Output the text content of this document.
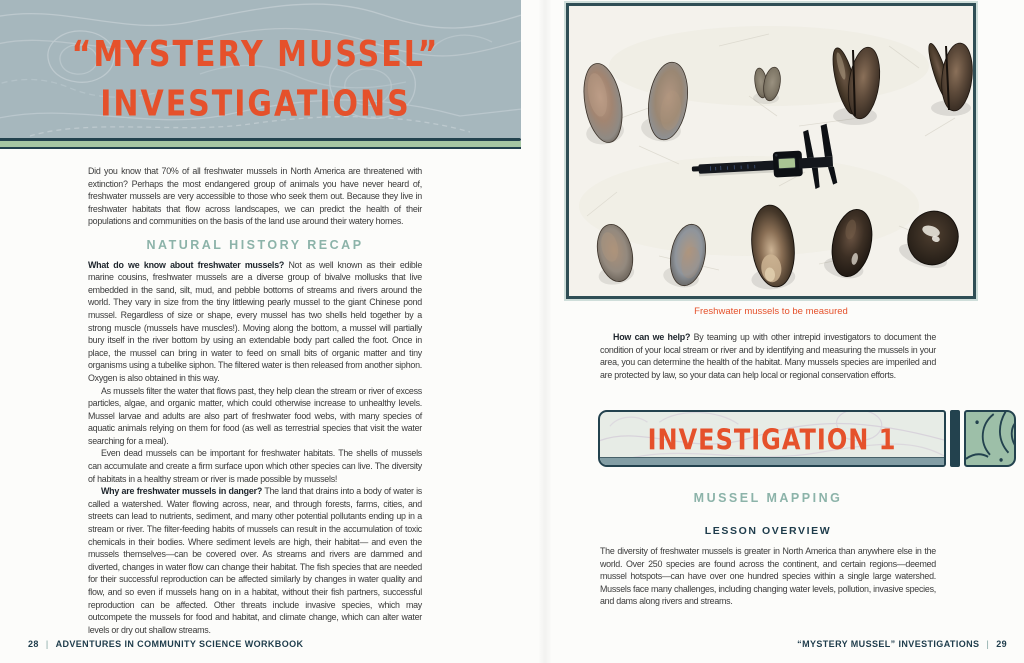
“MYSTERY MUSSEL”
INVESTIGATIONS

Did you know that 70% of all freshwater mussels in North America are threatened with extinction? Perhaps the most endangered group of animals you have never heard of, freshwater mussels are very accessible to those who seek them out. Because they live in freshwater habitats that flow across landscapes, we can predict the health of their populations and communities on the basis of the land use around their watery homes.

NATURAL HISTORY RECAP

What do we know about freshwater mussels? Not as well known as their edible marine cousins, freshwater mussels are a diverse group of bivalve mollusks that live embedded in the sand, silt, mud, and pebble bottoms of streams and rivers around the world. They vary in size from the tiny littlewing pearly mussel to the giant Chinese pond mussel. Regardless of size or shape, every mussel has two shells held together by a strong muscle (mussels have muscles!). Moving along the bottom, a mussel will partially bury itself in the river bottom by using an extendable body part called the foot. Once in place, the mussel can bring in water to feed on small bits of organic matter and tiny organisms using a tubelike siphon. The filtered water is then released from another siphon. Oxygen is also obtained in this way.

As mussels filter the water that flows past, they help clean the stream or river of excess particles, algae, and organic matter, which could otherwise increase to unhealthy levels. Mussel larvae and adults are also part of freshwater food webs, with many species of aquatic animals relying on them for food (as well as terrestrial species that visit the water searching for a meal).

Even dead mussels can be important for freshwater habitats. The shells of mussels can accumulate and create a firm surface upon which other species can live. The diversity of habitats in a healthy stream or river is made possible by mussels!

Why are freshwater mussels in danger? The land that drains into a body of water is called a watershed. Water flowing across, near, and through forests, farms, cities, and streets can lead to nutrients, sediment, and many other potential pollutants ending up in a stream or river. The filter-feeding habits of mussels can result in the accumulation of toxic chemicals in their bodies. Where sediment levels are high, their habitat— and even the mussels themselves—can be covered over. As streams and rivers are dammed and diverted, changes in water flow can change their habitat. The fish species that are needed for their successful reproduction can be affected similarly by changes in water quality and flow, and so even if mussels hang on in a habitat, without their fish partners, successful reproduction can be affected. Other threats include invasive species, which may outcompete the mussels for food and habitat, and climate change, which can alter water levels or dry out shallow streams.

28 | ADVENTURES IN COMMUNITY SCIENCE WORKBOOK
Freshwater mussels to be measured

How can we help? By teaming up with other intrepid investigators to document the condition of your local stream or river and by identifying and measuring the mussels in your area, you can determine the health of the habitat. Many mussels species are imperiled and are protected by law, so your data can help local or regional conservation efforts.

INVESTIGATION 1
MUSSEL MAPPING
LESSON OVERVIEW

The diversity of freshwater mussels is greater in North America than anywhere else in the world. Over 250 species are found across the continent, and certain regions—deemed mussel hotspots—can have over one hundred species within a single large watershed. Mussels face many challenges, including changing water levels, pollution, invasive species, and dams along rivers and streams.

“MYSTERY MUSSEL” INVESTIGATIONS | 29
